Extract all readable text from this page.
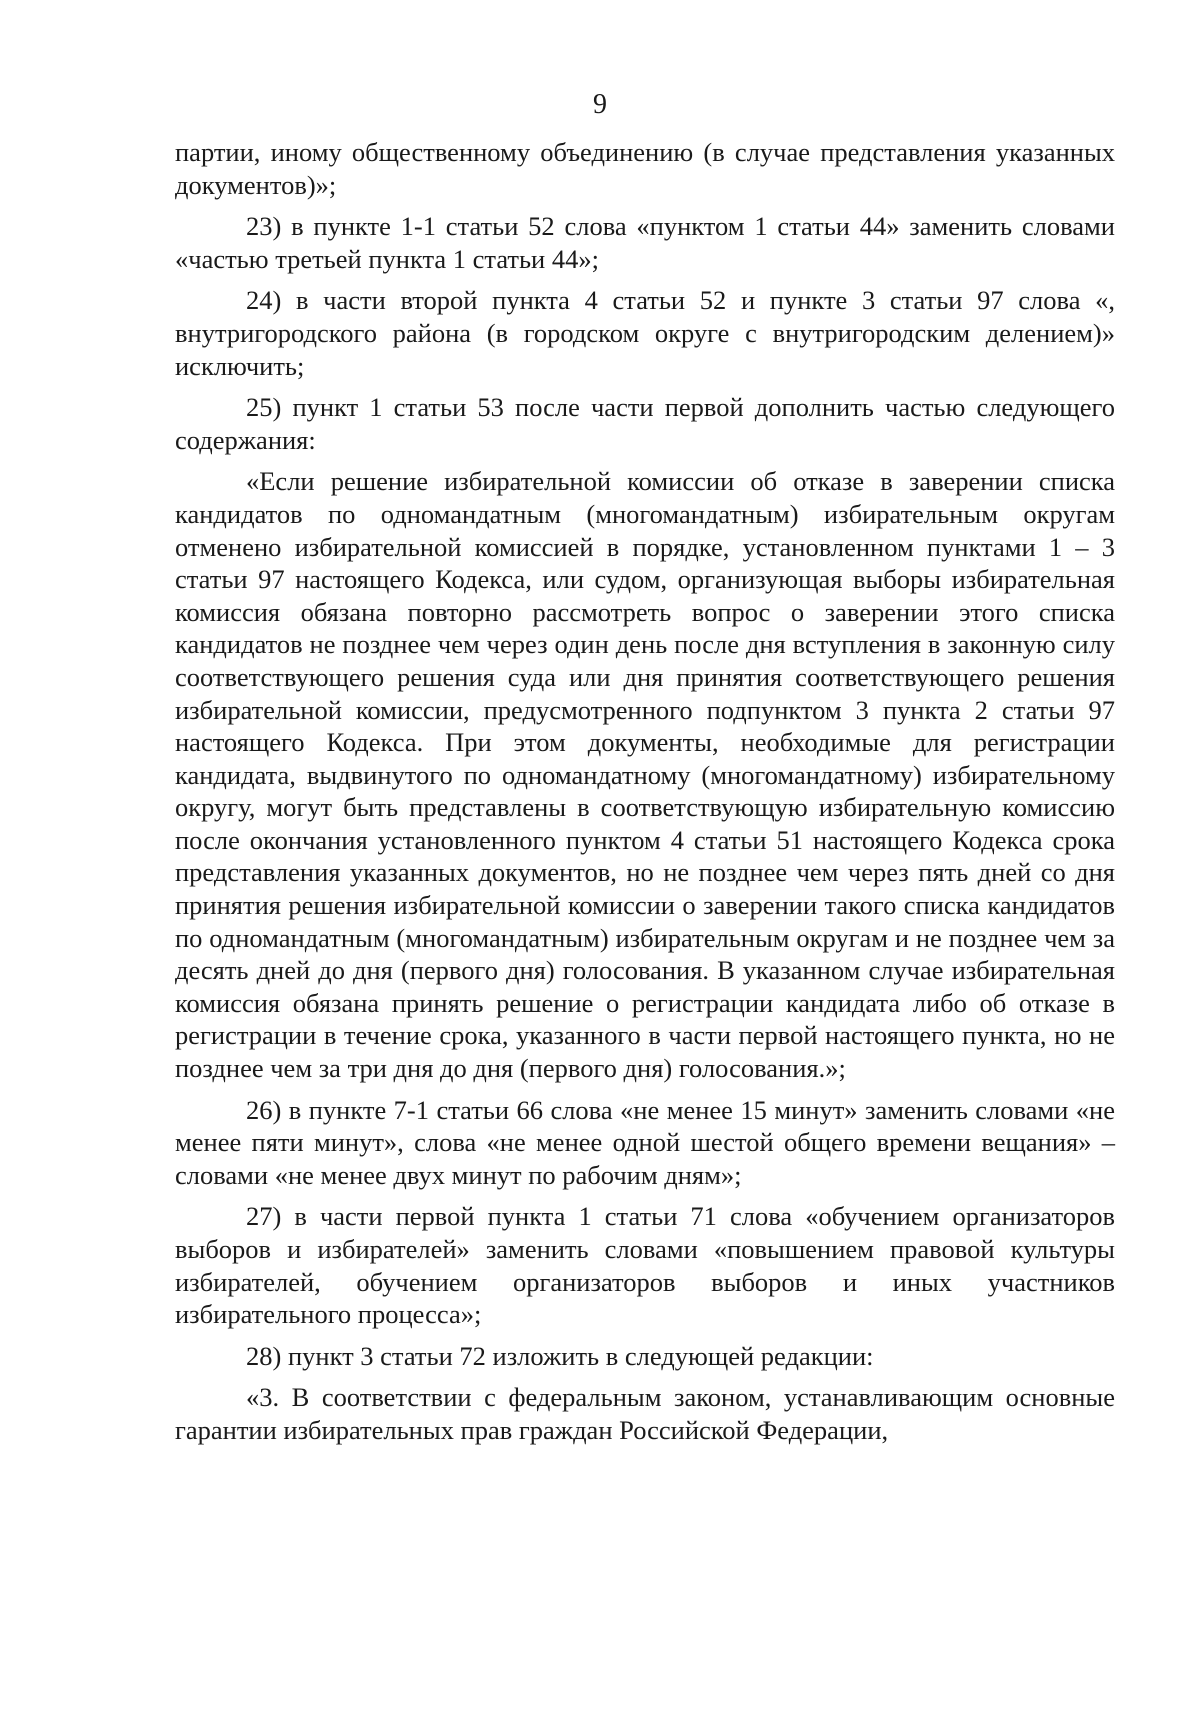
9

партии, иному общественному объединению (в случае представления указанных документов)»;

23) в пункте 1-1 статьи 52 слова «пунктом 1 статьи 44» заменить словами «частью третьей пункта 1 статьи 44»;

24) в части второй пункта 4 статьи 52 и пункте 3 статьи 97 слова «, внутригородского района (в городском округе с внутригородским делением)» исключить;

25) пункт 1 статьи 53 после части первой дополнить частью следующего содержания:

«Если решение избирательной комиссии об отказе в заверении списка кандидатов по одномандатным (многомандатным) избирательным округам отменено избирательной комиссией в порядке, установленном пунктами 1 – 3 статьи 97 настоящего Кодекса, или судом, организующая выборы избирательная комиссия обязана повторно рассмотреть вопрос о заверении этого списка кандидатов не позднее чем через один день после дня вступления в законную силу соответствующего решения суда или дня принятия соответствующего решения избирательной комиссии, предусмотренного подпунктом 3 пункта 2 статьи 97 настоящего Кодекса. При этом документы, необходимые для регистрации кандидата, выдвинутого по одномандатному (многомандатному) избирательному округу, могут быть представлены в соответствующую избирательную комиссию после окончания установленного пунктом 4 статьи 51 настоящего Кодекса срока представления указанных документов, но не позднее чем через пять дней со дня принятия решения избирательной комиссии о заверении такого списка кандидатов по одномандатным (многомандатным) избирательным округам и не позднее чем за десять дней до дня (первого дня) голосования. В указанном случае избирательная комиссия обязана принять решение о регистрации кандидата либо об отказе в регистрации в течение срока, указанного в части первой настоящего пункта, но не позднее чем за три дня до дня (первого дня) голосования.»;

26) в пункте 7-1 статьи 66 слова «не менее 15 минут» заменить словами «не менее пяти минут», слова «не менее одной шестой общего времени вещания» – словами «не менее двух минут по рабочим дням»;

27) в части первой пункта 1 статьи 71 слова «обучением организаторов выборов и избирателей» заменить словами «повышением правовой культуры избирателей, обучением организаторов выборов и иных участников избирательного процесса»;

28) пункт 3 статьи 72 изложить в следующей редакции:

«3. В соответствии с федеральным законом, устанавливающим основные гарантии избирательных прав граждан Российской Федерации,
